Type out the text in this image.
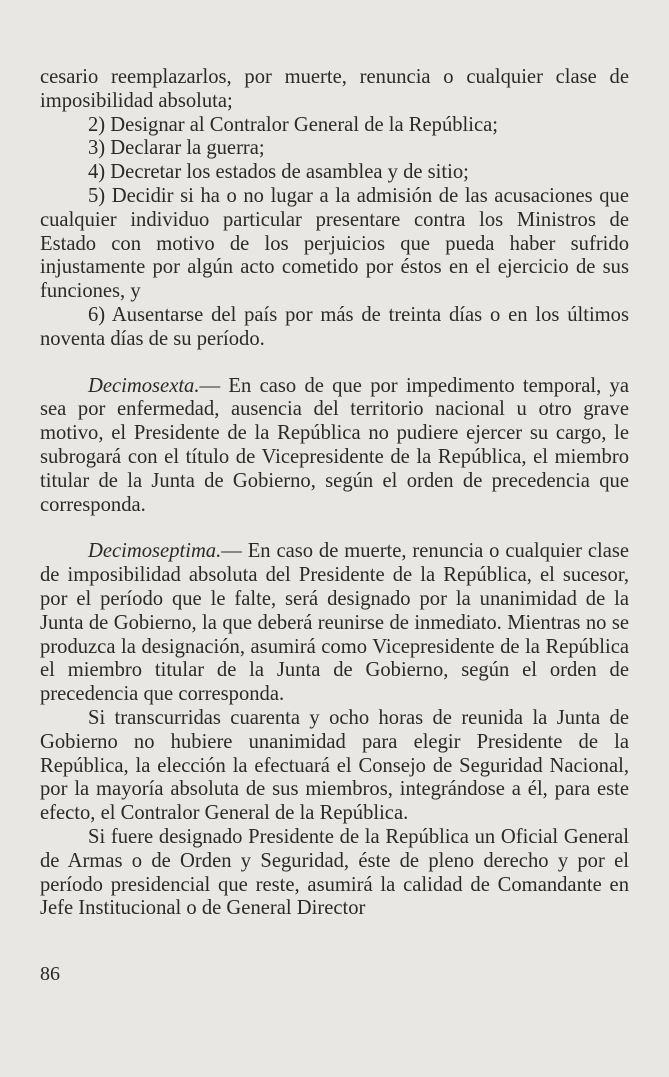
cesario reemplazarlos, por muerte, renuncia o cualquier clase de imposibilidad absoluta;

2) Designar al Contralor General de la República;

3) Declarar la guerra;

4) Decretar los estados de asamblea y de sitio;

5) Decidir si ha o no lugar a la admisión de las acusaciones que cualquier individuo particular presentare contra los Ministros de Estado con motivo de los perjuicios que pueda haber sufrido injustamente por algún acto cometido por éstos en el ejercicio de sus funciones, y

6) Ausentarse del país por más de treinta días o en los últimos noventa días de su período.

Decimosexta.— En caso de que por impedimento temporal, ya sea por enfermedad, ausencia del territorio nacional u otro grave motivo, el Presidente de la República no pudiere ejercer su cargo, le subrogará con el título de Vicepresidente de la República, el miembro titular de la Junta de Gobierno, según el orden de precedencia que corresponda.

Decimoseptima.— En caso de muerte, renuncia o cualquier clase de imposibilidad absoluta del Presidente de la República, el sucesor, por el período que le falte, será designado por la unanimidad de la Junta de Gobierno, la que deberá reunirse de inmediato. Mientras no se produzca la designación, asumirá como Vicepresidente de la República el miembro titular de la Junta de Gobierno, según el orden de precedencia que corresponda.

Si transcurridas cuarenta y ocho horas de reunida la Junta de Gobierno no hubiere unanimidad para elegir Presidente de la República, la elección la efectuará el Consejo de Seguridad Nacional, por la mayoría absoluta de sus miembros, integrándose a él, para este efecto, el Contralor General de la República.

Si fuere designado Presidente de la República un Oficial General de Armas o de Orden y Seguridad, éste de pleno derecho y por el período presidencial que reste, asumirá la calidad de Comandante en Jefe Institucional o de General Director

86
